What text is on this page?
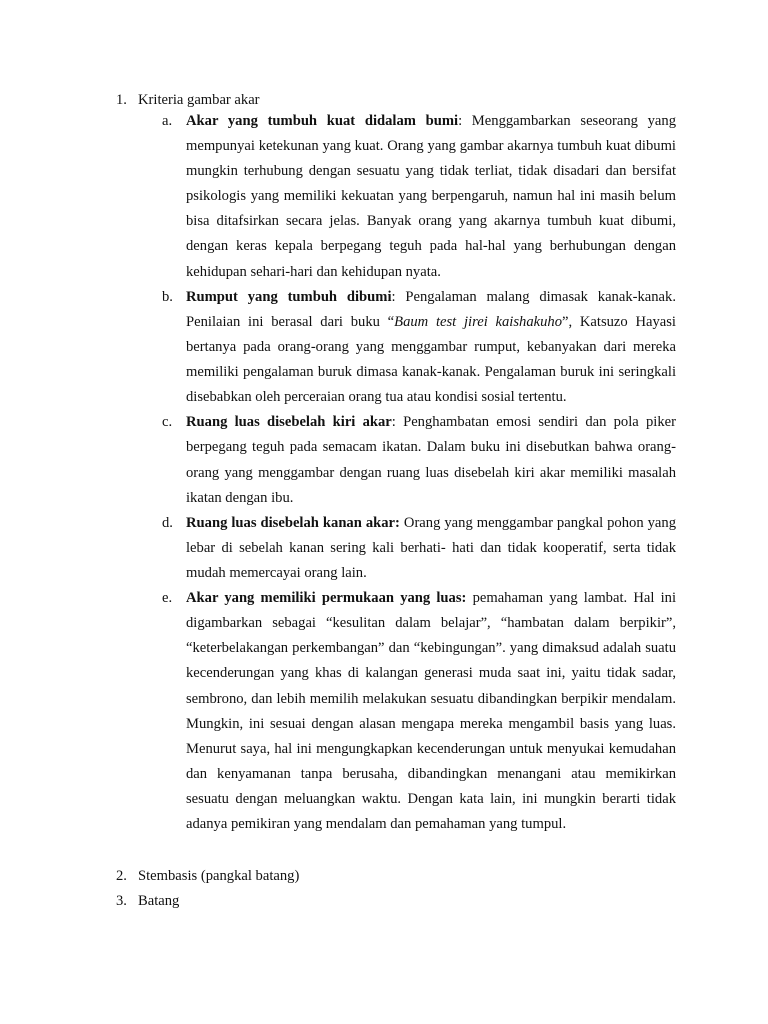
1. Kriteria gambar akar
a. Akar yang tumbuh kuat didalam bumi: Menggambarkan seseorang yang mempunyai ketekunan yang kuat. Orang yang gambar akarnya tumbuh kuat dibumi mungkin terhubung dengan sesuatu yang tidak terliat, tidak disadari dan bersifat psikologis yang memiliki kekuatan yang berpengaruh, namun hal ini masih belum bisa ditafsirkan secara jelas. Banyak orang yang akarnya tumbuh kuat dibumi, dengan keras kepala berpegang teguh pada hal-hal yang berhubungan dengan kehidupan sehari-hari dan kehidupan nyata.
b. Rumput yang tumbuh dibumi: Pengalaman malang dimasak kanak-kanak. Penilaian ini berasal dari buku “Baum test jirei kaishakuho”, Katsuzo Hayasi bertanya pada orang-orang yang menggambar rumput, kebanyakan dari mereka memiliki pengalaman buruk dimasa kanak-kanak. Pengalaman buruk ini seringkali disebabkan oleh perceraian orang tua atau kondisi sosial tertentu.
c. Ruang luas disebelah kiri akar: Penghambatan emosi sendiri dan pola piker berpegang teguh pada semacam ikatan. Dalam buku ini disebutkan bahwa orang-orang yang menggambar dengan ruang luas disebelah kiri akar memiliki masalah ikatan dengan ibu.
d. Ruang luas disebelah kanan akar: Orang yang menggambar pangkal pohon yang lebar di sebelah kanan sering kali berhati- hati dan tidak kooperatif, serta tidak mudah memercayai orang lain.
e. Akar yang memiliki permukaan yang luas: pemahaman yang lambat. Hal ini digambarkan sebagai “kesulitan dalam belajar”, “hambatan dalam berpikir”, “keterbelakangan perkembangan” dan “kebingungan”. yang dimaksud adalah suatu kecenderungan yang khas di kalangan generasi muda saat ini, yaitu tidak sadar, sembrono, dan lebih memilih melakukan sesuatu dibandingkan berpikir mendalam. Mungkin, ini sesuai dengan alasan mengapa mereka mengambil basis yang luas. Menurut saya, hal ini mengungkapkan kecenderungan untuk menyukai kemudahan dan kenyamanan tanpa berusaha, dibandingkan menangani atau memikirkan sesuatu dengan meluangkan waktu. Dengan kata lain, ini mungkin berarti tidak adanya pemikiran yang mendalam dan pemahaman yang tumpul.
2. Stembasis (pangkal batang)
3. Batang
